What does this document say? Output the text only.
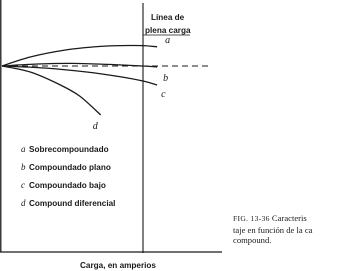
Línea de
plena carga
a
b
c
d
a Sobrecompoundado
b Compoundado plano
c Compoundado bajo
d Compound diferencial
Carga, en amperios
FIG. 13-36 Caracteris
taje en función de la ca
compound.
